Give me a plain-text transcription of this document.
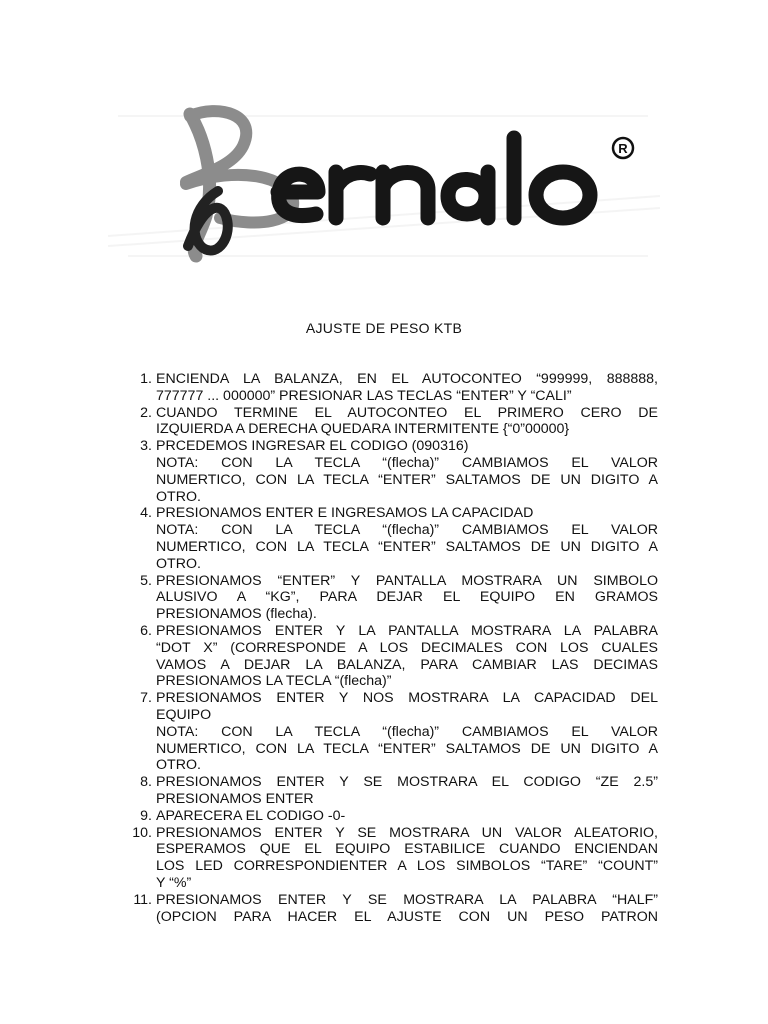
R
AJUSTE DE PESO KTB
1. ENCIENDA LA BALANZA, EN EL AUTOCONTEO “999999, 888888,
777777 ... 000000” PRESIONAR LAS TECLAS “ENTER” Y “CALI”
2. CUANDO TERMINE EL AUTOCONTEO EL PRIMERO CERO DE
IZQUIERDA A DERECHA QUEDARA INTERMITENTE {“0”00000}
3. PRCEDEMOS INGRESAR EL CODIGO (090316)
NOTA: CON LA TECLA “(flecha)” CAMBIAMOS EL VALOR
NUMERTICO, CON LA TECLA “ENTER” SALTAMOS DE UN DIGITO A
OTRO.
4. PRESIONAMOS ENTER E INGRESAMOS LA CAPACIDAD
NOTA: CON LA TECLA “(flecha)” CAMBIAMOS EL VALOR
NUMERTICO, CON LA TECLA “ENTER” SALTAMOS DE UN DIGITO A
OTRO.
5. PRESIONAMOS “ENTER” Y PANTALLA MOSTRARA UN SIMBOLO
ALUSIVO A “KG”, PARA DEJAR EL EQUIPO EN GRAMOS
PRESIONAMOS (flecha).
6. PRESIONAMOS ENTER Y LA PANTALLA MOSTRARA LA PALABRA
“DOT X” (CORRESPONDE A LOS DECIMALES CON LOS CUALES
VAMOS A DEJAR LA BALANZA, PARA CAMBIAR LAS DECIMAS
PRESIONAMOS LA TECLA “(flecha)”
7. PRESIONAMOS ENTER Y NOS MOSTRARA LA CAPACIDAD DEL
EQUIPO
NOTA: CON LA TECLA “(flecha)” CAMBIAMOS EL VALOR
NUMERTICO, CON LA TECLA “ENTER” SALTAMOS DE UN DIGITO A
OTRO.
8. PRESIONAMOS ENTER Y SE MOSTRARA EL CODIGO “ZE 2.5”
PRESIONAMOS ENTER
9. APARECERA EL CODIGO -0-
10. PRESIONAMOS ENTER Y SE MOSTRARA UN VALOR ALEATORIO,
ESPERAMOS QUE EL EQUIPO ESTABILICE CUANDO ENCIENDAN
LOS LED CORRESPONDIENTER A LOS SIMBOLOS “TARE” “COUNT”
Y “%”
11. PRESIONAMOS ENTER Y SE MOSTRARA LA PALABRA “HALF”
(OPCION PARA HACER EL AJUSTE CON UN PESO PATRON
